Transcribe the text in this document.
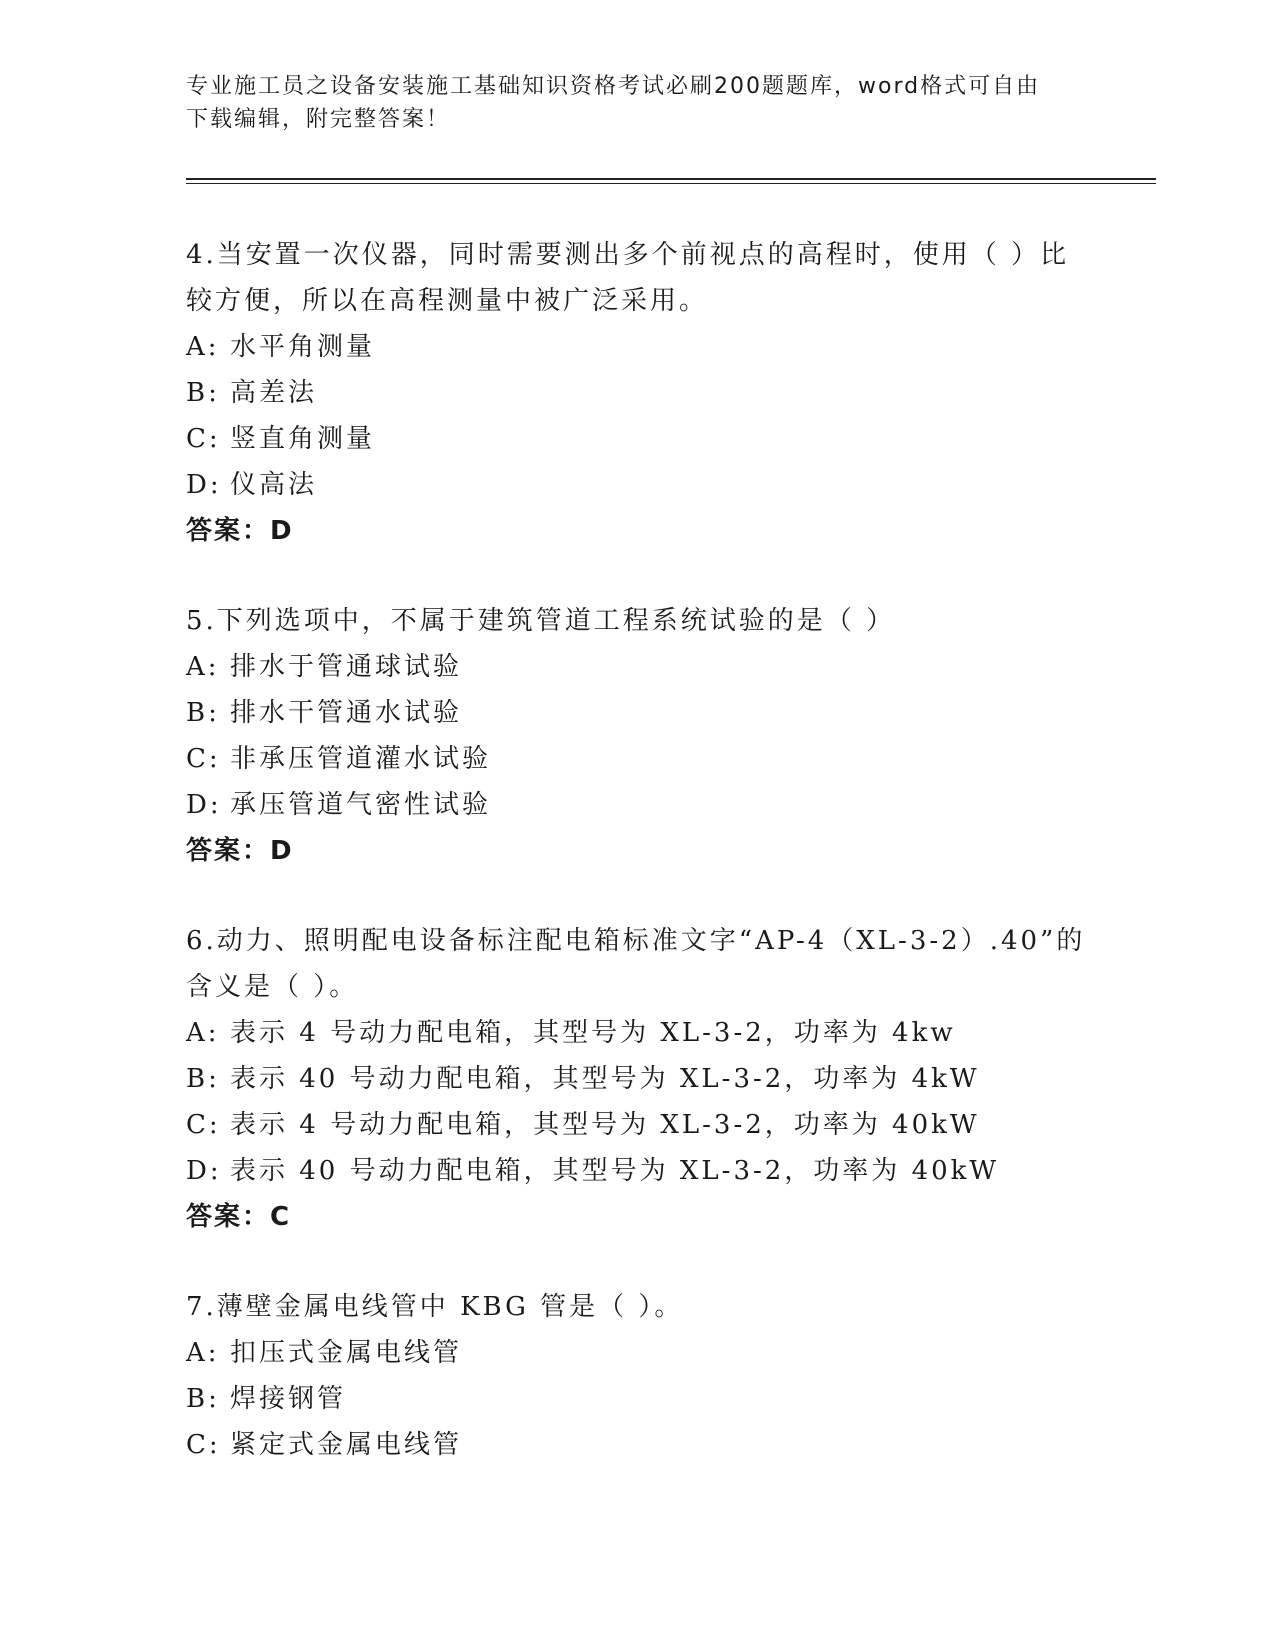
专业施工员之设备安装施工基础知识资格考试必刷200题题库，word格式可自由
下载编辑，附完整答案！
4.当安置一次仪器，同时需要测出多个前视点的高程时，使用（ ）比较方便，所以在高程测量中被广泛采用。
A: 水平角测量
B: 高差法
C: 竖直角测量
D: 仪高法
答案：D
5.下列选项中，不属于建筑管道工程系统试验的是（ ）
A: 排水于管通球试验
B: 排水干管通水试验
C: 非承压管道灌水试验
D: 承压管道气密性试验
答案：D
6.动力、照明配电设备标注配电箱标准文字“AP-4（XL-3-2）.40”的含义是（ ）。
A: 表示 4 号动力配电箱，其型号为 XL-3-2，功率为 4kw
B: 表示 40 号动力配电箱，其型号为 XL-3-2，功率为 4kW
C: 表示 4 号动力配电箱，其型号为 XL-3-2，功率为 40kW
D: 表示 40 号动力配电箱，其型号为 XL-3-2，功率为 40kW
答案：C
7.薄壁金属电线管中 KBG 管是（ ）。
A: 扣压式金属电线管
B: 焊接钢管
C: 紧定式金属电线管
